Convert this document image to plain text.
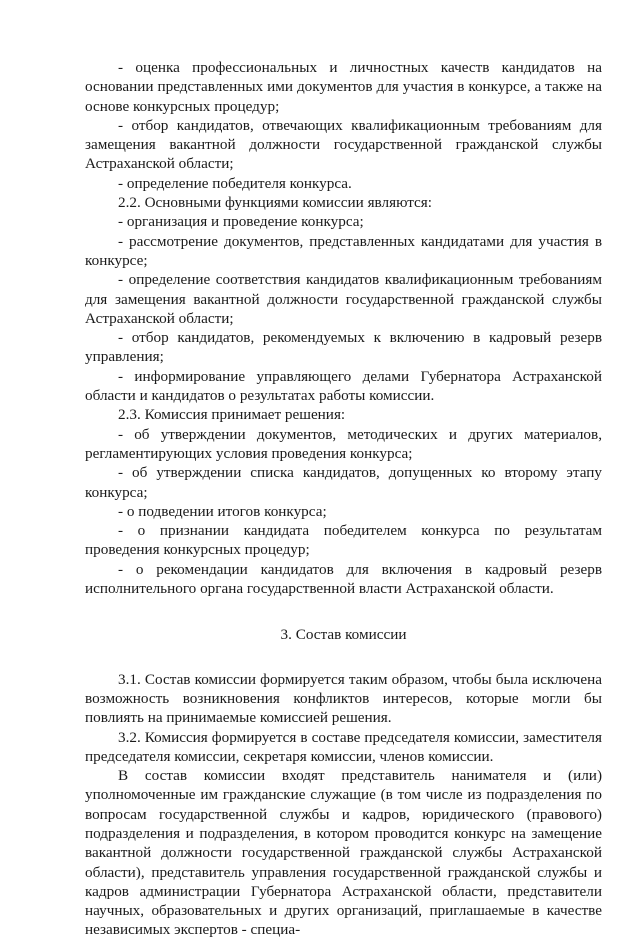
- оценка профессиональных и личностных качеств кандидатов на основании представленных ими документов для участия в конкурсе, а также на основе конкурсных процедур;

- отбор кандидатов, отвечающих квалификационным требованиям для замещения вакантной должности государственной гражданской службы Астраханской области;

- определение победителя конкурса.

2.2. Основными функциями комиссии являются:

- организация и проведение конкурса;

- рассмотрение документов, представленных кандидатами для участия в конкурсе;

- определение соответствия кандидатов квалификационным требованиям для замещения вакантной должности государственной гражданской службы Астраханской области;

- отбор кандидатов, рекомендуемых к включению в кадровый резерв управления;

- информирование управляющего делами Губернатора Астраханской области и кандидатов о результатах работы комиссии.

2.3. Комиссия принимает решения:

- об утверждении документов, методических и других материалов, регламентирующих условия проведения конкурса;

- об утверждении списка кандидатов, допущенных ко второму этапу конкурса;

- о подведении итогов конкурса;

- о признании кандидата победителем конкурса по результатам проведения конкурсных процедур;

- о рекомендации кандидатов для включения в кадровый резерв исполнительного органа государственной власти Астраханской области.

3. Состав комиссии

3.1. Состав комиссии формируется таким образом, чтобы была исключена возможность возникновения конфликтов интересов, которые могли бы повлиять на принимаемые комиссией решения.

3.2. Комиссия формируется в составе председателя комиссии, заместителя председателя комиссии, секретаря комиссии, членов комиссии.

В состав комиссии входят представитель нанимателя и (или) уполномоченные им гражданские служащие (в том числе из подразделения по вопросам государственной службы и кадров, юридического (правового) подразделения и подразделения, в котором проводится конкурс на замещение вакантной должности государственной гражданской службы Астраханской области), представитель управления государственной гражданской службы и кадров администрации Губернатора Астраханской области, представители научных, образовательных и других организаций, приглашаемые в качестве независимых экспертов - специа-
